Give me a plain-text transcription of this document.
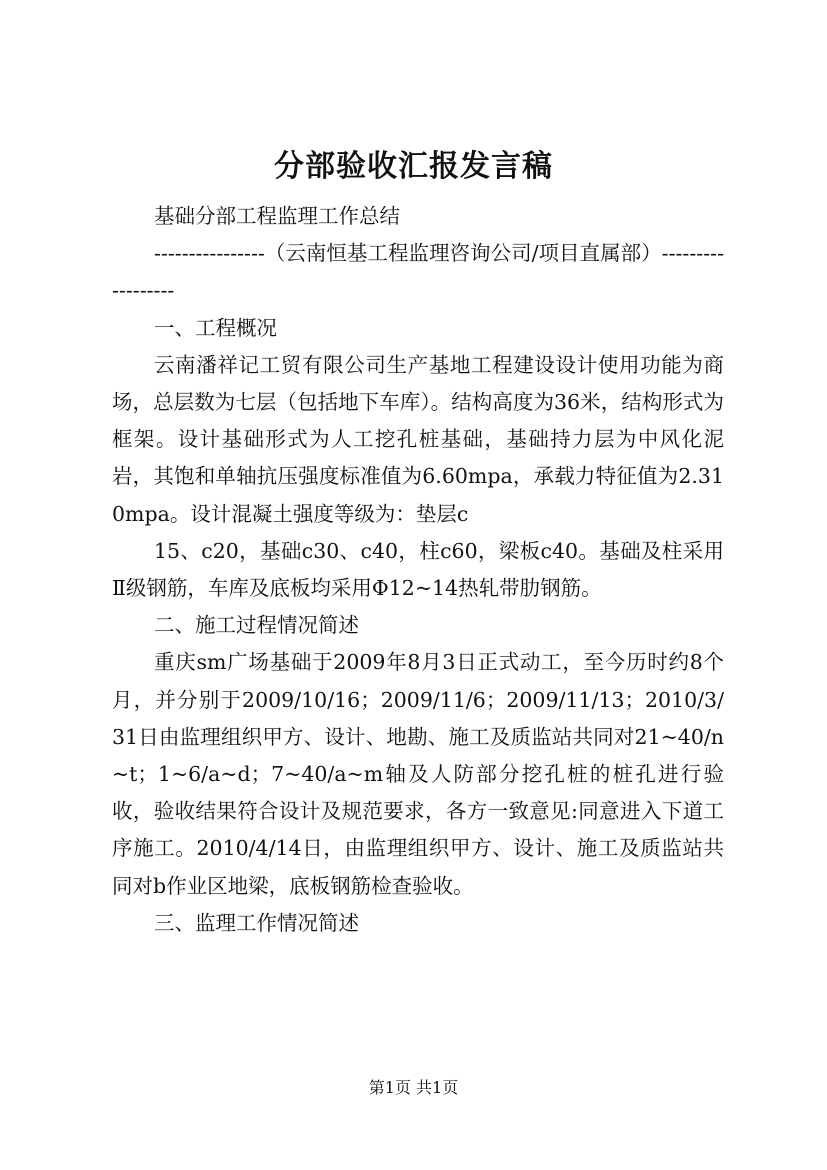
分部验收汇报发言稿

基础分部工程监理工作总结

----------------（云南恒基工程监理咨询公司/项目直属部）------------------

一、工程概况

云南潘祥记工贸有限公司生产基地工程建设设计使用功能为商场，总层数为七层（包括地下车库）。结构高度为36米，结构形式为框架。设计基础形式为人工挖孔桩基础，基础持力层为中风化泥岩，其饱和单轴抗压强度标准值为6.60mpa，承载力特征值为2.310mpa。设计混凝土强度等级为：垫层c

15、c20，基础c30、c40，柱c60，梁板c40。基础及柱采用Ⅱ级钢筋，车库及底板均采用Φ12~14热轧带肋钢筋。

二、施工过程情况简述

重庆sm广场基础于2009年8月3日正式动工，至今历时约8个月，并分别于2009/10/16；2009/11/6；2009/11/13；2010/3/31日由监理组织甲方、设计、地勘、施工及质监站共同对21~40/n~t；1~6/a~d；7~40/a~m轴及人防部分挖孔桩的桩孔进行验收，验收结果符合设计及规范要求，各方一致意见:同意进入下道工序施工。2010/4/14日，由监理组织甲方、设计、施工及质监站共同对b作业区地梁，底板钢筋检查验收。

三、监理工作情况简述

第1页 共1页
